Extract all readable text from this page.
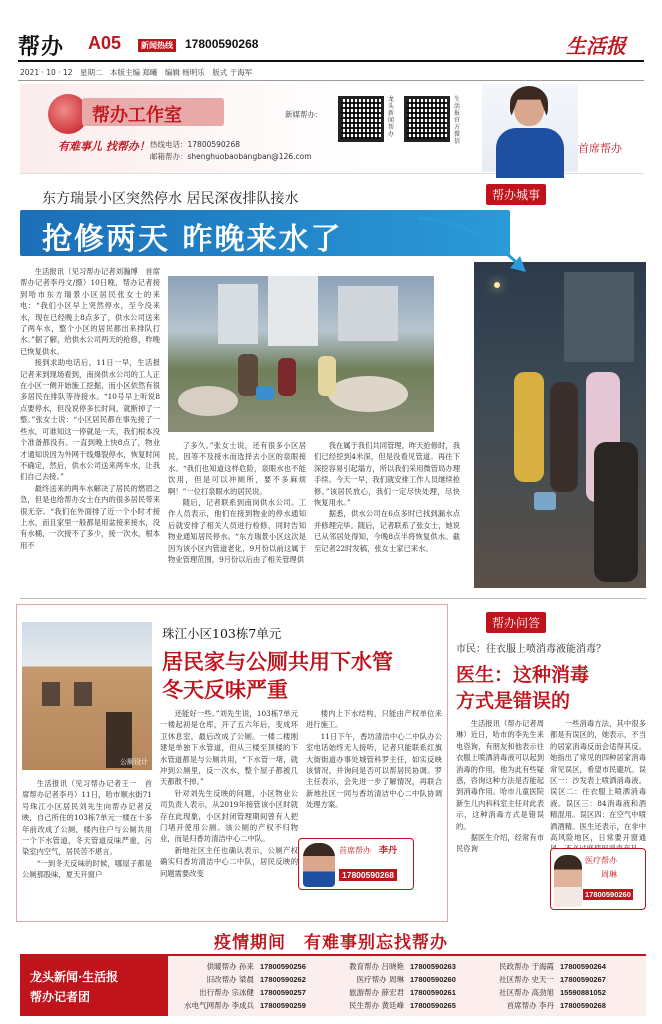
帮办 A05	新闻热线 17800590268	生活报
2021 · 10 · 12　星期二　本版主编 郑曦　编辑 杨明乐　版式 于海军
帮办工作室
有难事儿 找帮办！ 热线电话：17800590268
邮箱帮办：shenghuobaobangban@126.com
新媒帮办：
龙头新闻 帮办
生活报官方微信
首席帮办
东方瑞景小区突然停水 居民深夜排队接水	帮办城事
抢修两天 昨晚来水了

生活报讯（见习帮办记者刘瀚博　首席帮办记者李丹文/摄）10日晚，帮办记者接到哈市东方瑞景小区居民张女士的来电：“我们小区早上突然停水，至今没来水，现在已经晚上8点多了，供水公司送来了两车水，整个小区的居民都出来排队打水。”据了解，给供水公司两天的抢修，昨晚已恢复供水。

接到求助电话后，11日一早，生活报记者来到现场看到，南岗供水公司的工人正在小区一侧开始施工挖掘，而小区依然有很多居民在排队等待接水。“10号早上听说8点要停水，但没说停多长时间，就断掉了一整。”张女士说：“小区居民都在事先接了一些水，可谁知这一停就是一天，我们根本没个准备都没有。一直到晚上快8点了，物业才通知说因为外网干线爆裂停水，恢复时间不确定，然后，供水公司送来两车水，让我们自己去接。”

最终送来的两车水解决了居民的燃眉之急，但是也给帮办女士在内的很多居民带来很无奈。“我们在外面排了近一个小时才接上水，而且家里一般都是用盆接来接水，没有水桶，一次接不了多少，接一次水，根本用不

了多久。”张女士说，还有很多小区居民，因等不及接水而选择去小区的泉眼接水。“我们也知道这样危险，泉眼水也不能饮用，但是可以冲厕所，要不多麻烦啊！”一位打泉眼水的居民说。

随后，记者联系到南岗供水公司。工作人员表示，他们在接到物业的停水通知后就安排了相关人员进行检修，同时告知物业通知居民停水。“东方瑞景小区这次是因为该小区内管道老化，9月份以前这属于物业管理范围，9月份以后由了相关管理供

我在属于我们共同管理。昨天抢修时，我们已经挖到4米深，但是没看见管道。再往下深挖容易引起塌方，所以我们采用微管局办理手续。今天一早，我们就安排工作人员继续抢修。”该居民放心，我们一定尽快处理，尽快恢复用水。”

据悉，供水公司在6点多时已找到漏水点并修理完毕。随后，记者联系了张女士，她说已从邻居处得知，今晚8点半将恢复供水。截至记者22时发稿，张女士家已来水。

公厕设计
珠江小区103栋7单元
居民家与公厕共用下水管
冬天反味严重

生活报讯（见习帮办记者王一　首席帮办记者李丹）11日，哈市顺水街71号珠江小区居民刘先生向帮办记者反映，自己所住的103栋7单元一楼在十多年前改成了公厕，楼内住户与公厕共用一个下水管道，冬天管道反味严重，污染室内空气，居民苦不堪言。

“一到冬天反味的时候，哪屋子都是公厕那股味，夏天开窗户

还能好一些。”刘先生说，103栋7单元一楼起初是仓库，开了五六年后，变成环卫休息室，最后改成了公厕。一楼二楼刚建是单独下水管道，但从三楼至顶楼的下水管道都是与公厕共用，“下水管一堵，就冲到公厕里，反一次水，整个屋子都被几天都散不掉。”

针对刘先生反映的问题，小区物业公司负责人表示，从2019年接管该小区时就存在此现象，小区封闭管理期间曾有人把门堵开使用公厕。该公厕的产权不归物业，而是归香坊清洁中心二中队。

新地社区主任也确认表示，公厕产权确实归香坊清洁中心二中队，居民反映的问题需要改变

楼内上下水结构，只能由产权单位来进行施工。

11日下午，香坊清洁中心二中队办公室电话始终无人接听，记者只能联系红旗大街街道办事处城管科罗主任，如实反映该情况，并询问是否可以帮居民协调。罗主任表示，会先进一步了解情况，再联合新地社区一同与香坊清洁中心二中队协调处理方案。

首席帮办 李丹
17800590268
帮办问答
市民：往衣服上喷消毒液能消毒？
医生：这种消毒
方式是错误的

生活报讯（帮办记者周琳）近日，哈市的李先生来电咨询，有朋友和他表示往衣服上喷洒消毒液可以起到消毒的作用，他为此有些疑惑，咨询这种方法是否能起到消毒作用。哈市儿童医院新生儿内科科室主任对此表示，这种消毒方式是错误的。

据医生介绍，经常有市民咨询

一些消毒方法，其中很多都是有误区的，她表示，不当的居家消毒反而会适得其反。她指出了常见的四种居家消毒常见误区，希望市民避坑。误区一：沙发表上喷洒消毒液。误区二：往衣服上喷洒消毒液。误区三：84消毒液和酒精混用。误区四：在空气中喷洒酒精。医生还表示，在非中高风险地区，日常要开窗通

医疗帮办
周琳
17800590260
疫情期间　有难事别忘找帮办
龙头新闻·生活报
帮办记者团
供暖帮办 孙来 17800590256	教育帮办 吕晓艳 17800590263	民政帮办 于海霞 17800590264
旧改帮办 梁晨 17800590262	医疗帮办 周琳 17800590260	社区帮办 史天一 17800590267
出行帮办 宗冰健 17800590257	旅游帮办 薛宏君 17800590261	社区帮办 高劲旭 15590881052
水电气网帮办 李成兵 17800590259	民生帮办 黄廷峰 17800590265	首席帮办 李丹 17800590268
